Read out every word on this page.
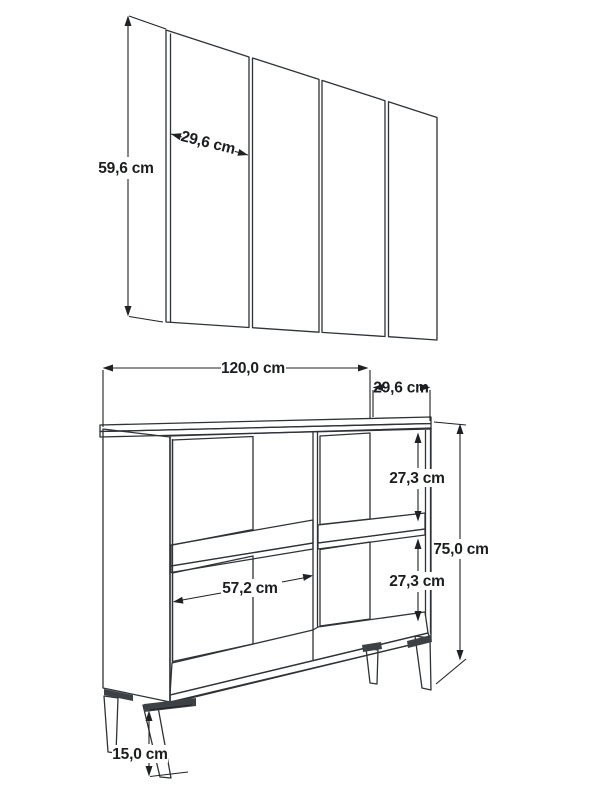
59,6 cm
29,6 cm
120,0 cm
29,6 cm
27,3 cm
27,3 cm
75,0 cm
57,2 cm
15,0 cm
